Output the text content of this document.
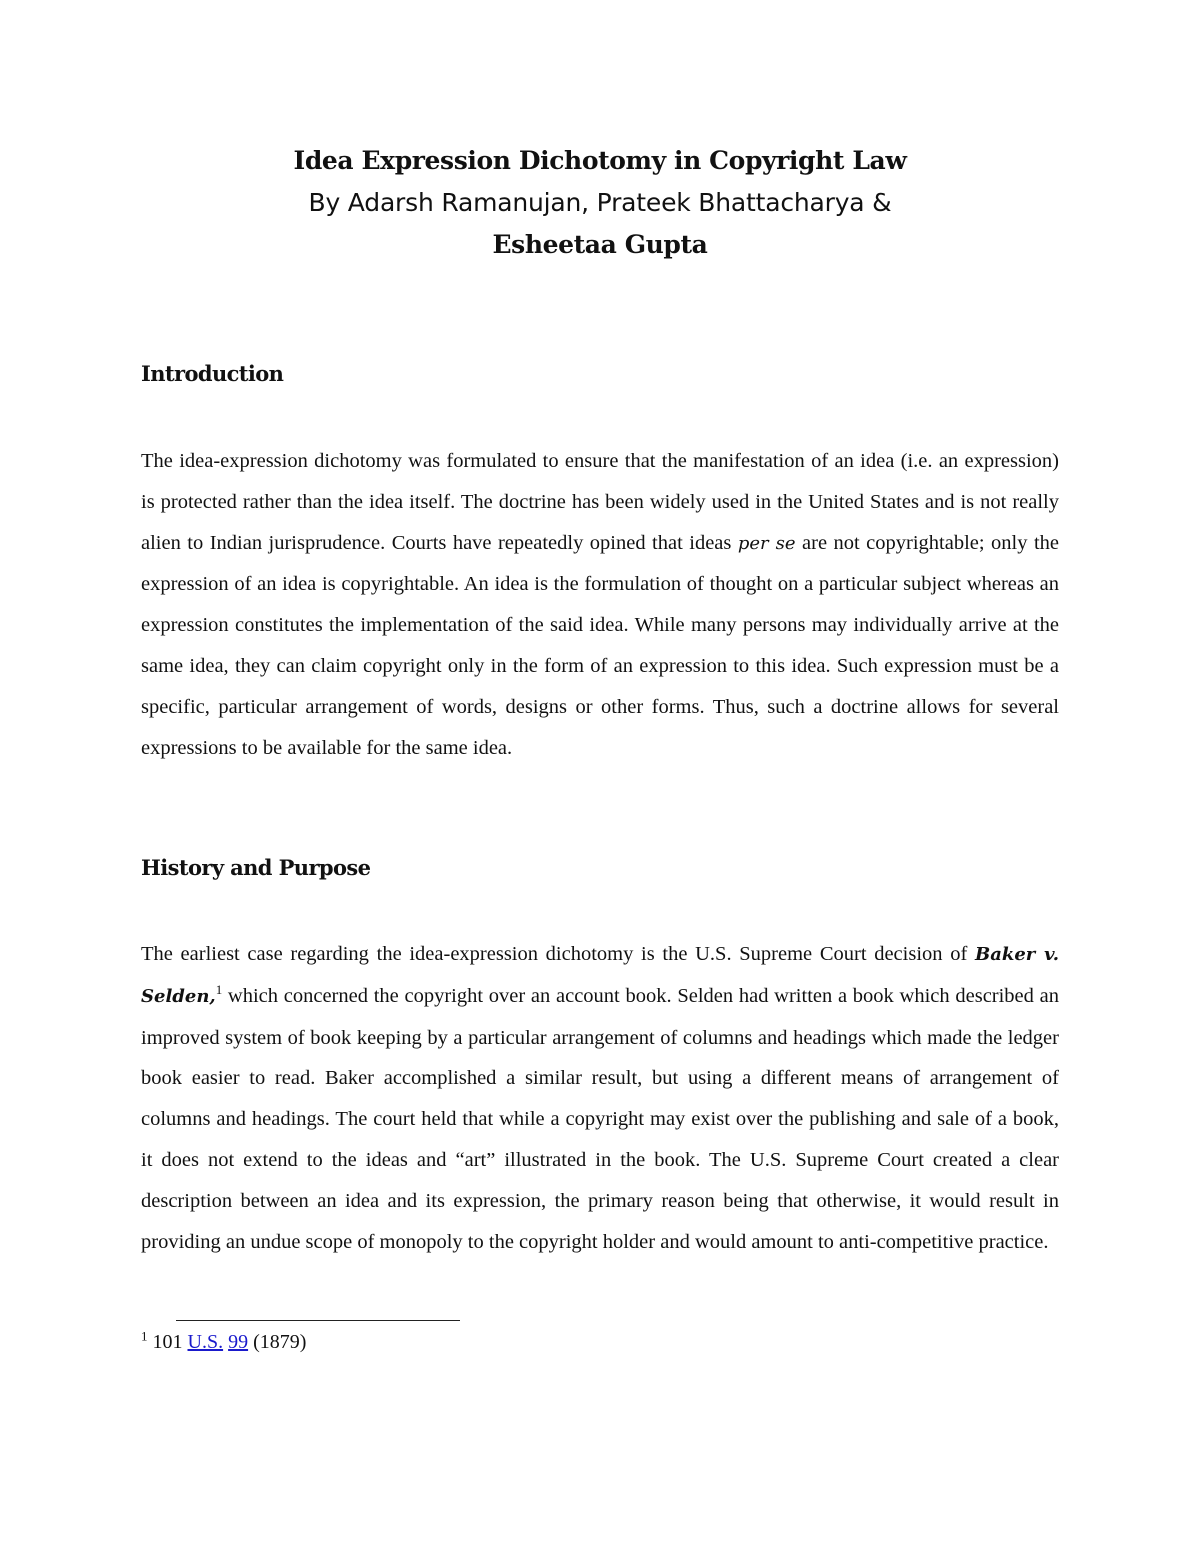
Idea Expression Dichotomy in Copyright Law
By Adarsh Ramanujan, Prateek Bhattacharya &
Esheetaa Gupta
Introduction

The idea-expression dichotomy was formulated to ensure that the manifestation of an idea (i.e. an expression) is protected rather than the idea itself. The doctrine has been widely used in the United States and is not really alien to Indian jurisprudence. Courts have repeatedly opined that ideas per se are not copyrightable; only the expression of an idea is copyrightable. An idea is the formulation of thought on a particular subject whereas an expression constitutes the implementation of the said idea. While many persons may individually arrive at the same idea, they can claim copyright only in the form of an expression to this idea. Such expression must be a specific, particular arrangement of words, designs or other forms. Thus, such a doctrine allows for several expressions to be available for the same idea.

History and Purpose

The earliest case regarding the idea-expression dichotomy is the U.S. Supreme Court decision of Baker v. Selden,$^1$ which concerned the copyright over an account book. Selden had written a book which described an improved system of book keeping by a particular arrangement of columns and headings which made the ledger book easier to read. Baker accomplished a similar result, but using a different means of arrangement of columns and headings. The court held that while a copyright may exist over the publishing and sale of a book, it does not extend to the ideas and “art” illustrated in the book. The U.S. Supreme Court created a clear description between an idea and its expression, the primary reason being that otherwise, it would result in providing an undue scope of monopoly to the copyright holder and would amount to anti-competitive practice.

$^1$ 101 U.S. 99 (1879)
